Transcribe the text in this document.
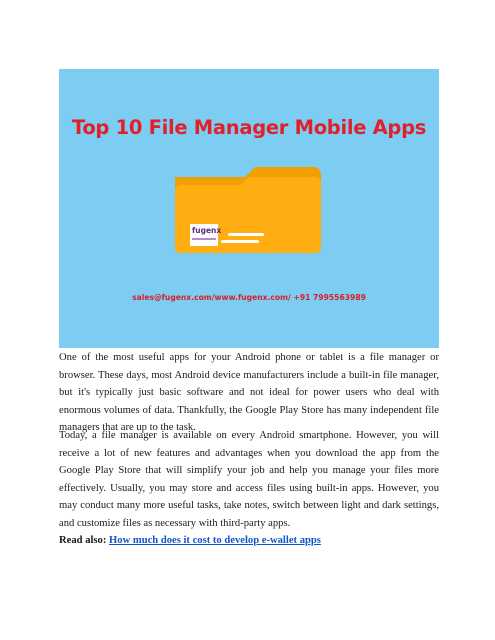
Top 10 File Manager Mobile Apps
fugenx
sales@fugenx.com/www.fugenx.com/ +91 7995563989

One of the most useful apps for your Android phone or tablet is a file manager or browser. These days, most Android device manufacturers include a built-in file manager, but it's typically just basic software and not ideal for power users who deal with enormous volumes of data. Thankfully, the Google Play Store has many independent file managers that are up to the task.

Today, a file manager is available on every Android smartphone. However, you will receive a lot of new features and advantages when you download the app from the Google Play Store that will simplify your job and help you manage your files more effectively. Usually, you may store and access files using built-in apps. However, you may conduct many more useful tasks, take notes, switch between light and dark settings, and customize files as necessary with third-party apps.

Read also: How much does it cost to develop e-wallet apps
